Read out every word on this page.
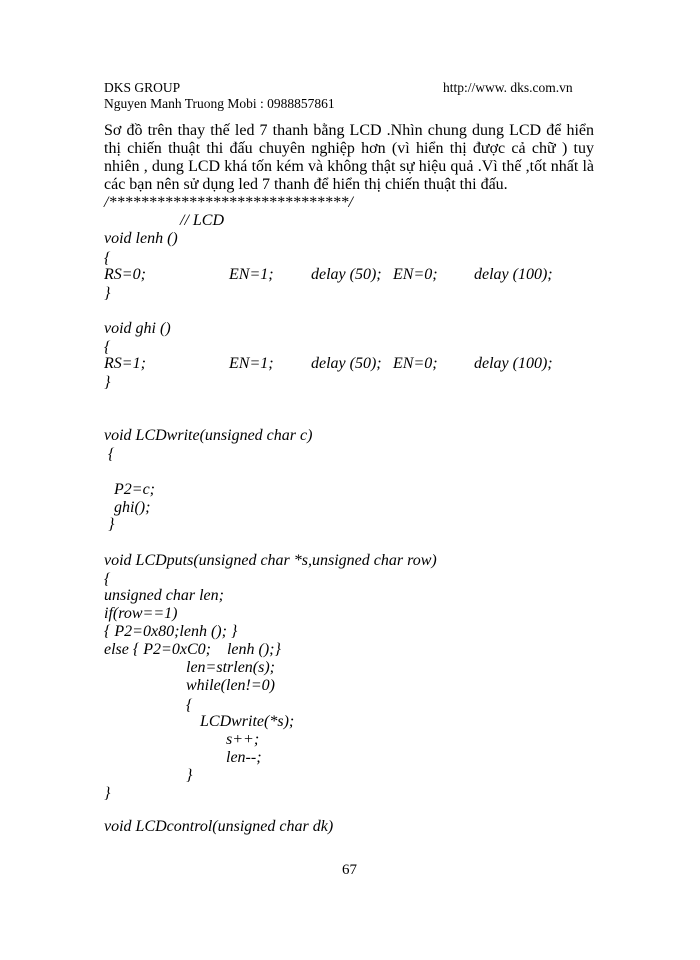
DKS GROUP	http://www. dks.com.vn
Nguyen Manh Truong Mobi : 0988857861
Sơ đồ trên thay thế led 7 thanh bằng LCD .Nhìn chung dung LCD để hiển
thị chiến thuật thi đấu chuyên nghiệp hơn (vì hiển thị được cả chữ ) tuy
nhiên , dung LCD khá tốn kém và không thật sự hiệu quả .Vì thế ,tốt nhất là
các bạn nên sử dụng led 7 thanh để hiển thị chiến thuật thi đấu.
/******************************/
// LCD
void lenh ()
{
RS=0;	EN=1; delay (50); EN=0; delay (100);
}
void ghi ()
{
RS=1;	EN=1; delay (50); EN=0; delay (100);
}
void LCDwrite(unsigned char c)
{
P2=c;
ghi();
}
void LCDputs(unsigned char *s,unsigned char row)
{
unsigned char len;
if(row==1)
{ P2=0x80;lenh (); }
else { P2=0xC0;    lenh ();}
len=strlen(s);
while(len!=0)
{
LCDwrite(*s);
s++;
len--;
}
}
void LCDcontrol(unsigned char dk)
67
